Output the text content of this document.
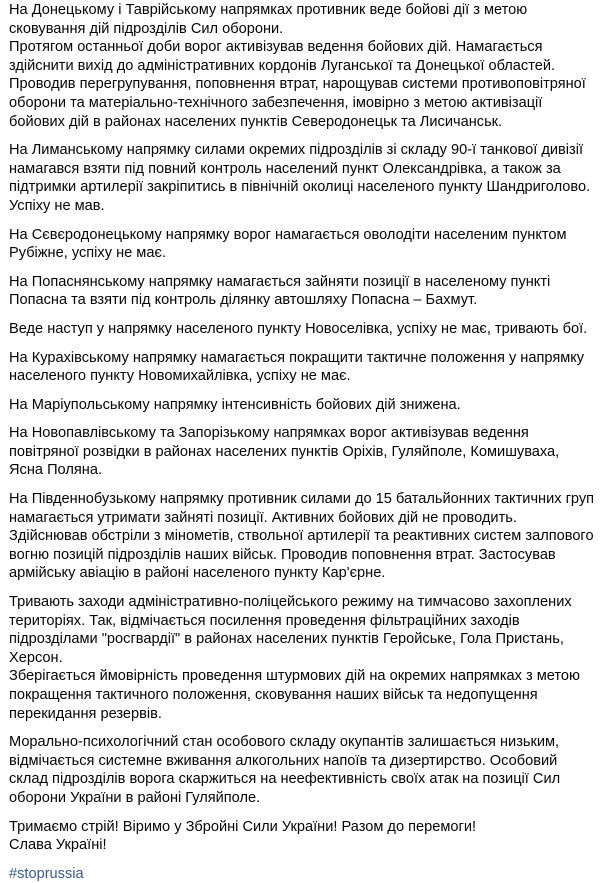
На Донецькому і Таврійському напрямках противник веде бойові дії з метою сковування дій підрозділів Сил оборони.
Протягом останньої доби ворог активізував ведення бойових дій. Намагається здійснити вихід до адміністративних кордонів Луганської та Донецької областей. Проводив перегрупування, поповнення втрат, нарощував системи противоповітряної оборони та матеріально-технічного забезпечення, імовірно з метою активізації бойових дій в районах населених пунктів Северодонецьк та Лисичанськ.
На Лиманському напрямку силами окремих підрозділів зі складу 90-ї танкової дивізії намагався взяти під повний контроль населений пункт Олександрівка, а також за підтримки артилерії закріпитись в північній околиці населеного пункту Шандриголово. Успіху не мав.
На Сєвєродонецькому напрямку ворог намагається оволодіти населеним пунктом Рубіжне, успіху не має.
На Попаснянському напрямку намагається зайняти позиції в населеному пункті Попасна та взяти під контроль ділянку автошляху Попасна – Бахмут.
Веде наступ у напрямку населеного пункту Новоселівка, успіху не має, тривають бої.
На Курахівському напрямку намагається покращити тактичне положення у напрямку населеного пункту Новомихайлівка, успіху не має.
На Маріупольському напрямку інтенсивність бойових дій знижена.
На Новопавлівському та Запорізькому напрямках ворог активізував ведення повітряної розвідки в районах населених пунктів Оріхів, Гуляйполе, Комишуваха, Ясна Поляна.
На Південнобузькому напрямку противник силами до 15 батальйонних тактичних груп намагається утримати зайняті позиції. Активних бойових дій не проводить. Здійснював обстріли з мінометів, ствольної артилерії та реактивних систем залпового вогню позицій підрозділів наших військ. Проводив поповнення втрат. Застосував армійську авіацію в районі населеного пункту Кар'єрне.
Тривають заходи адміністративно-поліцейського режиму на тимчасово захоплених територіях. Так, відмічається посилення проведення фільтраційних заходів підрозділами "росгвардії" в районах населених пунктів Геройське, Гола Пристань, Херсон.
Зберігається ймовірність проведення штурмових дій на окремих напрямках з метою покращення тактичного положення, сковування наших військ та недопущення перекидання резервів.
Морально-психологічний стан особового складу окупантів залишається низьким, відмічається системне вживання алкогольних напоїв та дизертирство. Особовий склад підрозділів ворога скаржиться на неефективність своїх атак на позиції Сил оборони України в районі Гуляйполе.
Тримаємо стрій! Віримо у Збройні Сили України! Разом до перемоги!
Слава Україні!
#stoprussia
